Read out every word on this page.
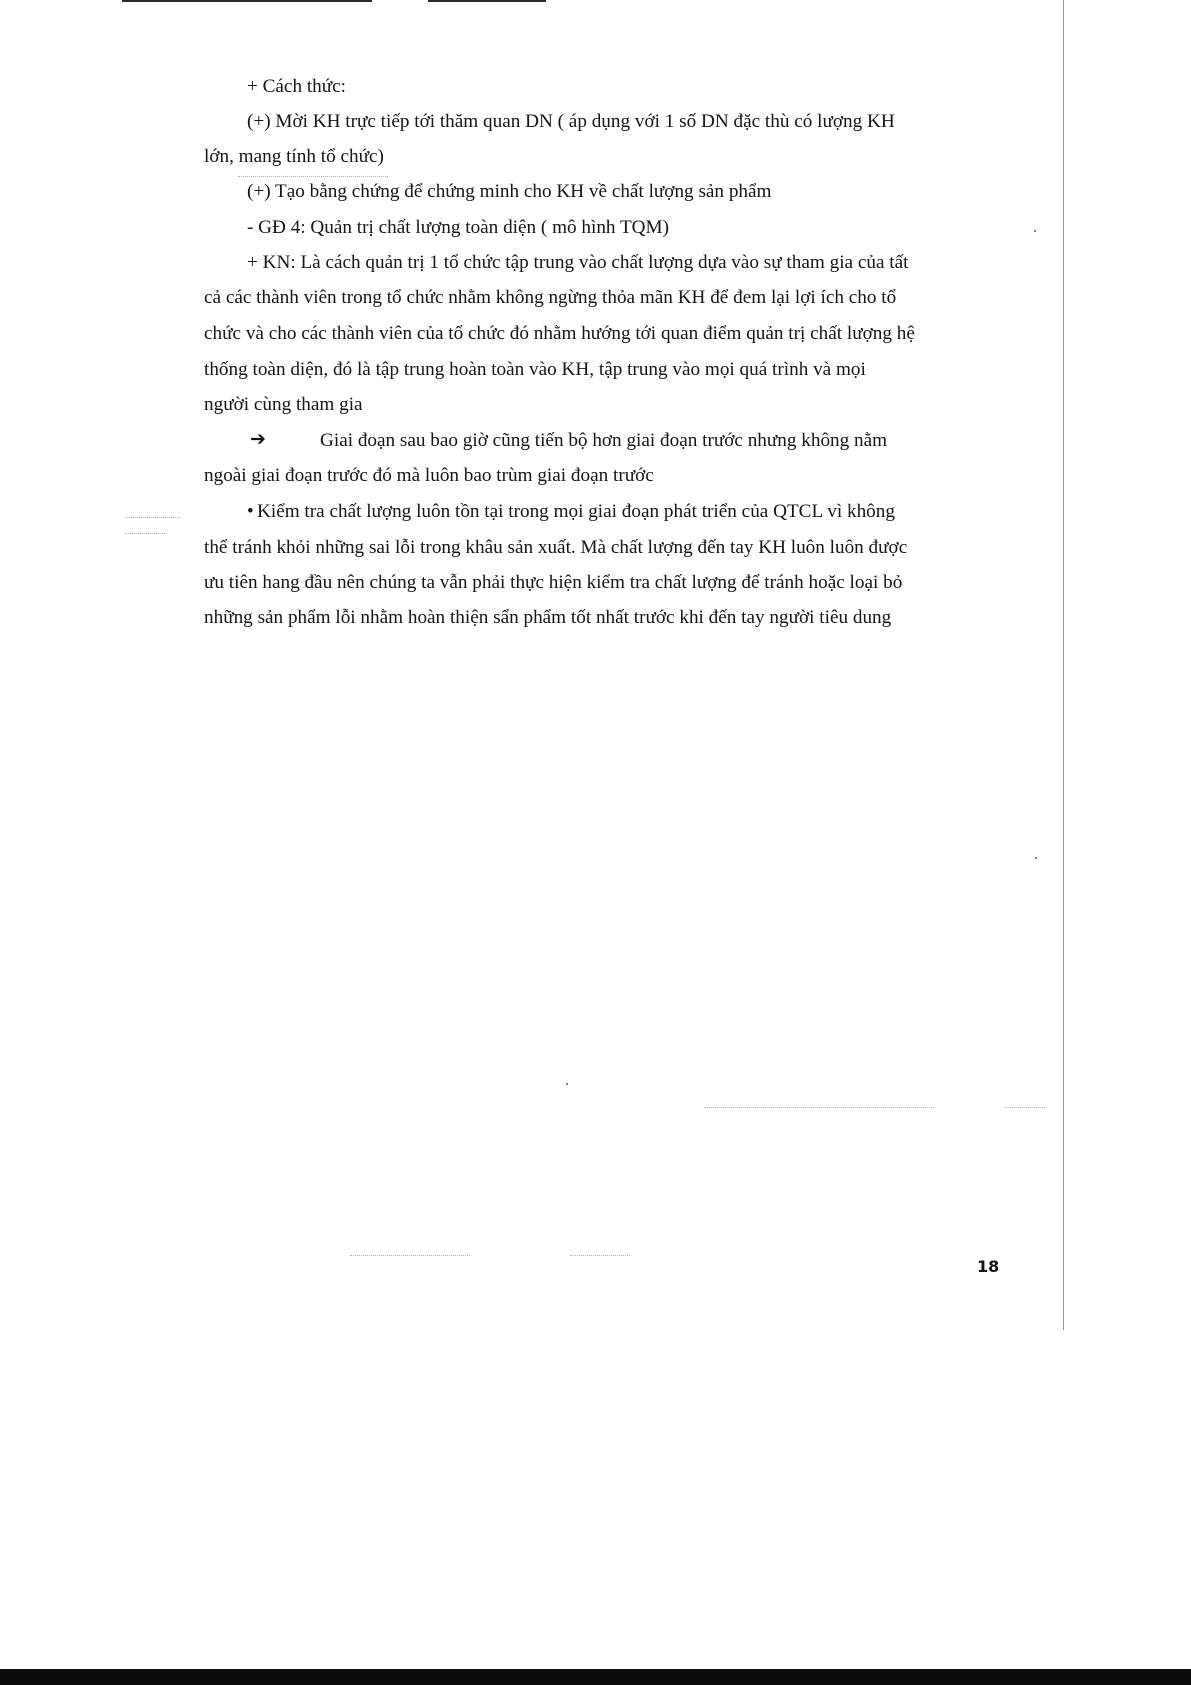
+ Cách thức:
(+) Mời KH trực tiếp tới thăm quan DN ( áp dụng với 1 số DN đặc thù có lượng KH
lớn, mang tính tổ chức)
(+) Tạo bằng chứng để chứng minh cho KH về chất lượng sản phẩm
- GĐ 4: Quản trị chất lượng toàn diện ( mô hình TQM)
+ KN: Là cách quản trị 1 tổ chức tập trung vào chất lượng dựa vào sự tham gia của tất
cả các thành viên trong tổ chức nhằm không ngừng thỏa mãn KH để đem lại lợi ích cho tổ
chức và cho các thành viên của tổ chức đó nhằm hướng tới quan điểm quản trị chất lượng hệ
thống toàn diện, đó là tập trung hoàn toàn vào KH, tập trung vào mọi quá trình và mọi
người cùng tham gia
➔	Giai đoạn sau bao giờ cũng tiến bộ hơn giai đoạn trước nhưng không nằm
ngoài giai đoạn trước đó mà luôn bao trùm giai đoạn trước
• Kiểm tra chất lượng luôn tồn tại trong mọi giai đoạn phát triển của QTCL vì không
thể tránh khỏi những sai lỗi trong khâu sản xuất. Mà chất lượng đến tay KH luôn luôn được
ưu tiên hang đầu nên chúng ta vẫn phải thực hiện kiểm tra chất lượng để tránh hoặc loại bỏ
những sản phẩm lỗi nhằm hoàn thiện sẩn phẩm tốt nhất trước khi đến tay người tiêu dung
18
